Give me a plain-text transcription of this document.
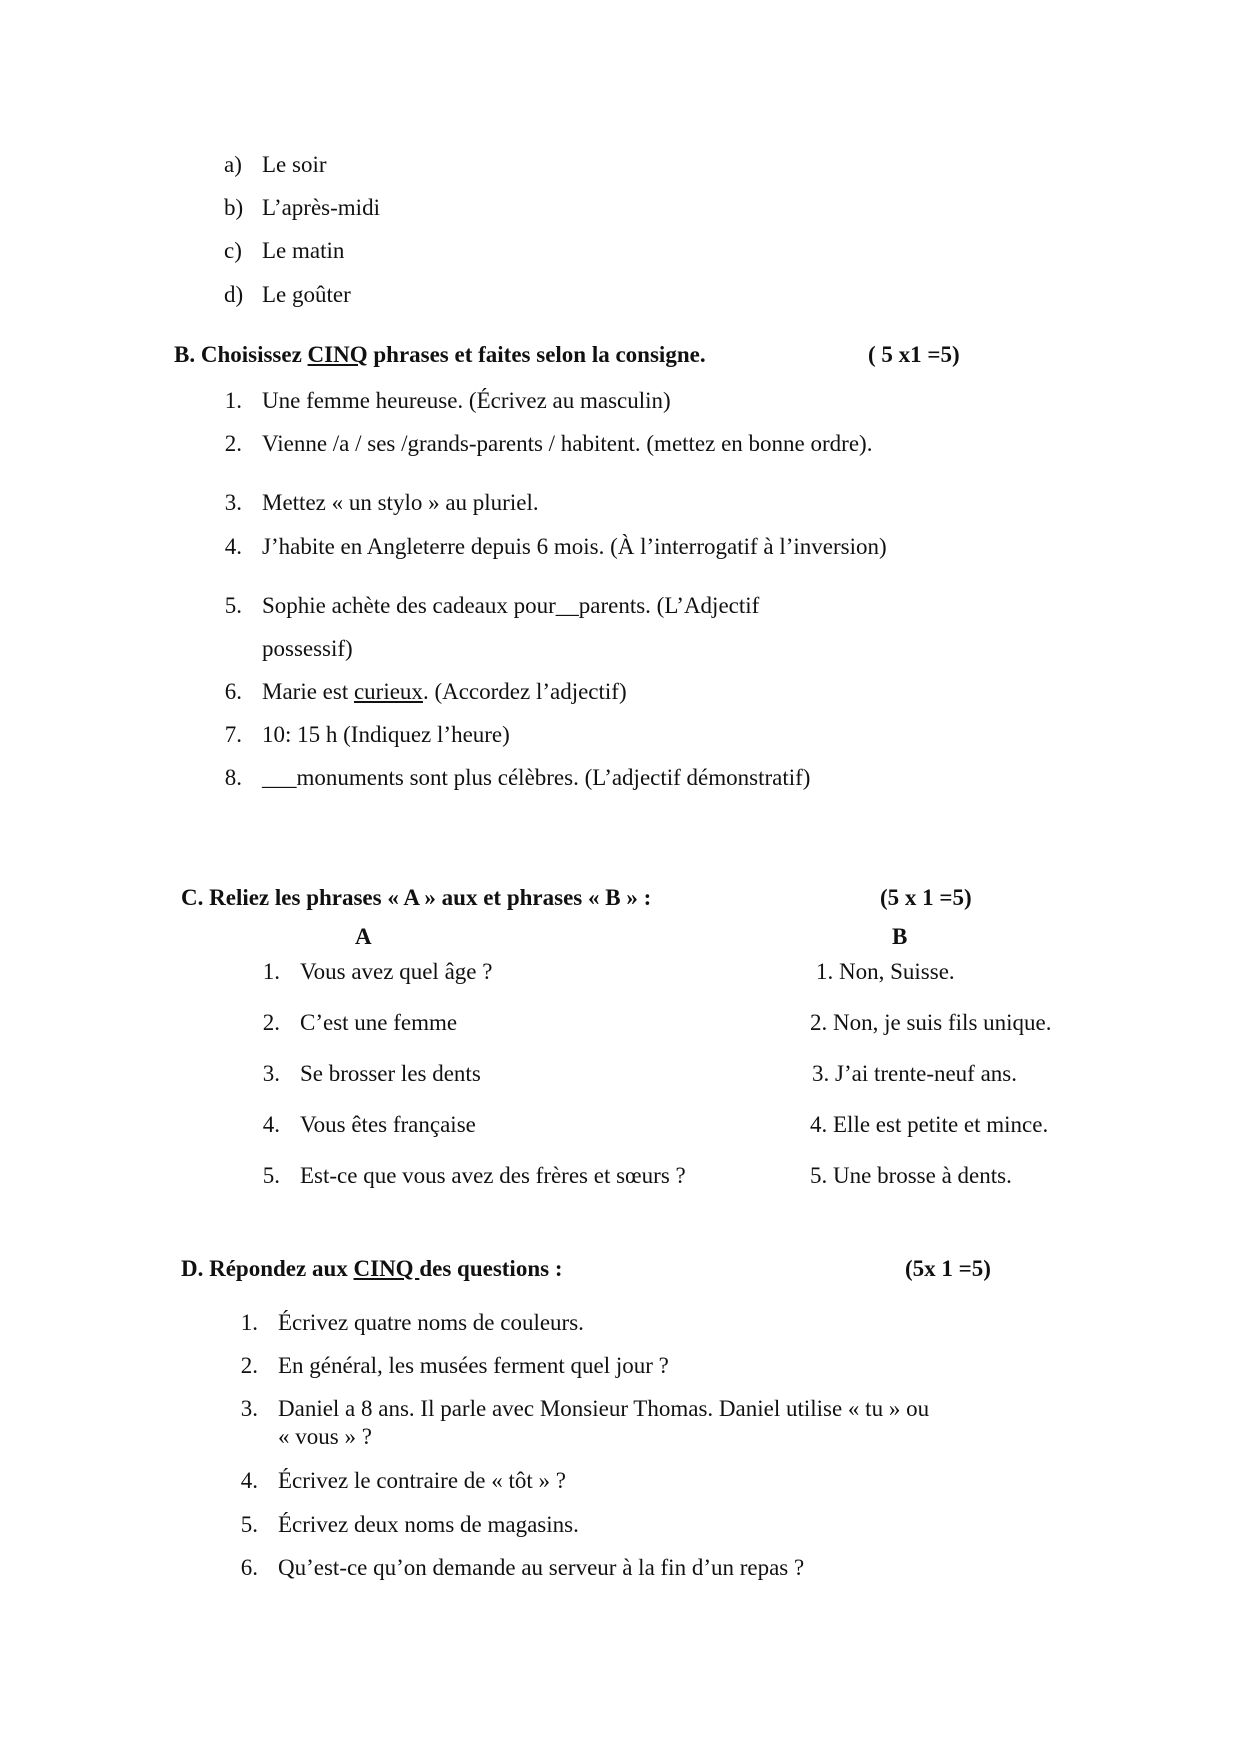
a) Le soir
b) L’après-midi
c) Le matin
d) Le goûter
B. Choisissez CINQ phrases et faites selon la consigne.	( 5 x1 =5)
1. Une femme heureuse. (Écrivez au masculin)
2. Vienne /a / ses /grands-parents / habitent. (mettez en bonne ordre).
3. Mettez « un stylo » au pluriel.
4. J’habite en Angleterre depuis 6 mois. (À l’interrogatif à l’inversion)
5. Sophie achète des cadeaux pour__parents. (L’Adjectif
possessif)
6. Marie est curieux. (Accordez l’adjectif)
7. 10: 15 h (Indiquez l’heure)
8. ___monuments sont plus célèbres. (L’adjectif démonstratif)
C. Reliez les phrases « A » aux et phrases « B » :	(5 x 1 =5)
A	B
1. Vous avez quel âge ?	1. Non, Suisse.
2. C’est une femme	2. Non, je suis fils unique.
3. Se brosser les dents	3. J’ai trente-neuf ans.
4. Vous êtes française	4. Elle est petite et mince.
5. Est-ce que vous avez des frères et sœurs ?	5. Une brosse à dents.
D. Répondez aux CINQ des questions :	(5x 1 =5)
1. Écrivez quatre noms de couleurs.
2. En général, les musées ferment quel jour ?
3. Daniel a 8 ans. Il parle avec Monsieur Thomas. Daniel utilise « tu » ou
« vous » ?
4. Écrivez le contraire de « tôt » ?
5. Écrivez deux noms de magasins.
6. Qu’est-ce qu’on demande au serveur à la fin d’un repas ?
